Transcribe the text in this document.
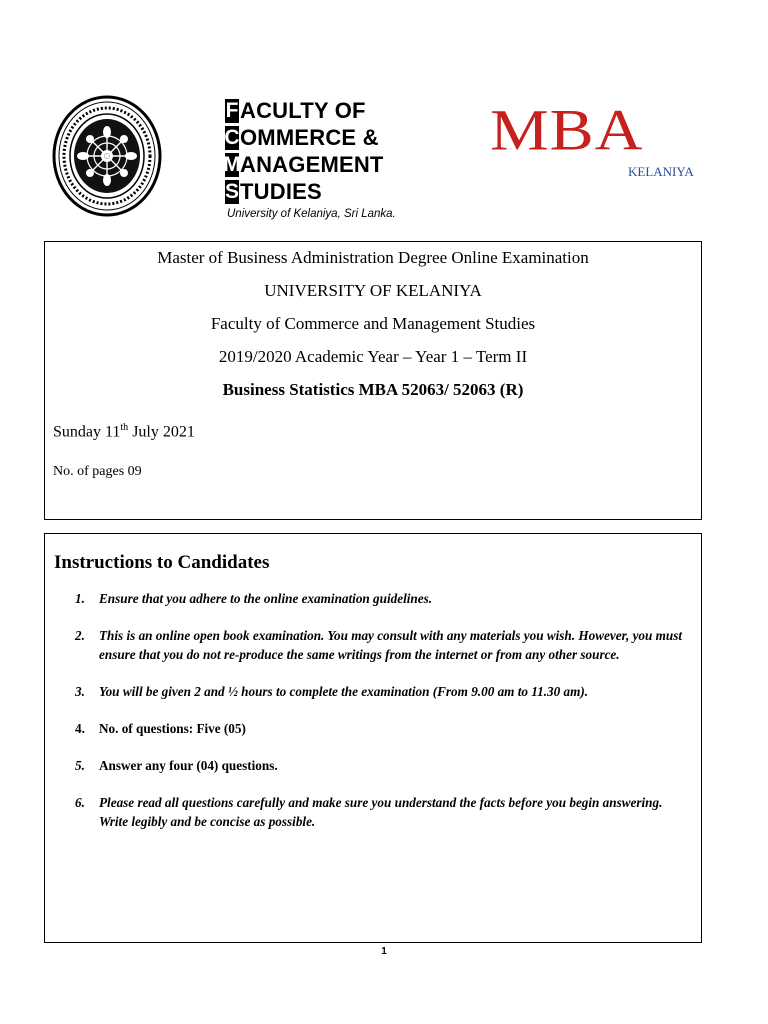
F ACULTY OF
C OMMERCE &
M ANAGEMENT
S TUDIES
University of Kelaniya, Sri Lanka.
MBA
KELANIYA
Master of Business Administration Degree Online Examination
UNIVERSITY OF KELANIYA
Faculty of Commerce and Management Studies
2019/2020 Academic Year – Year 1 – Term II
Business Statistics MBA 52063/ 52063 (R)
Sunday 11th July 2021
No. of pages 09
Instructions to Candidates
1.	Ensure that you adhere to the online examination guidelines.
2.	This is an online open book examination. You may consult with any materials you wish. However, you must ensure that you do not re-produce the same writings from the internet or from any other source.
3.	You will be given 2 and ½ hours to complete the examination (From 9.00 am to 11.30 am).
4.	No. of questions: Five (05)
5.	Answer any four (04) questions.
6.	Please read all questions carefully and make sure you understand the facts before you begin answering. Write legibly and be concise as possible.
1
